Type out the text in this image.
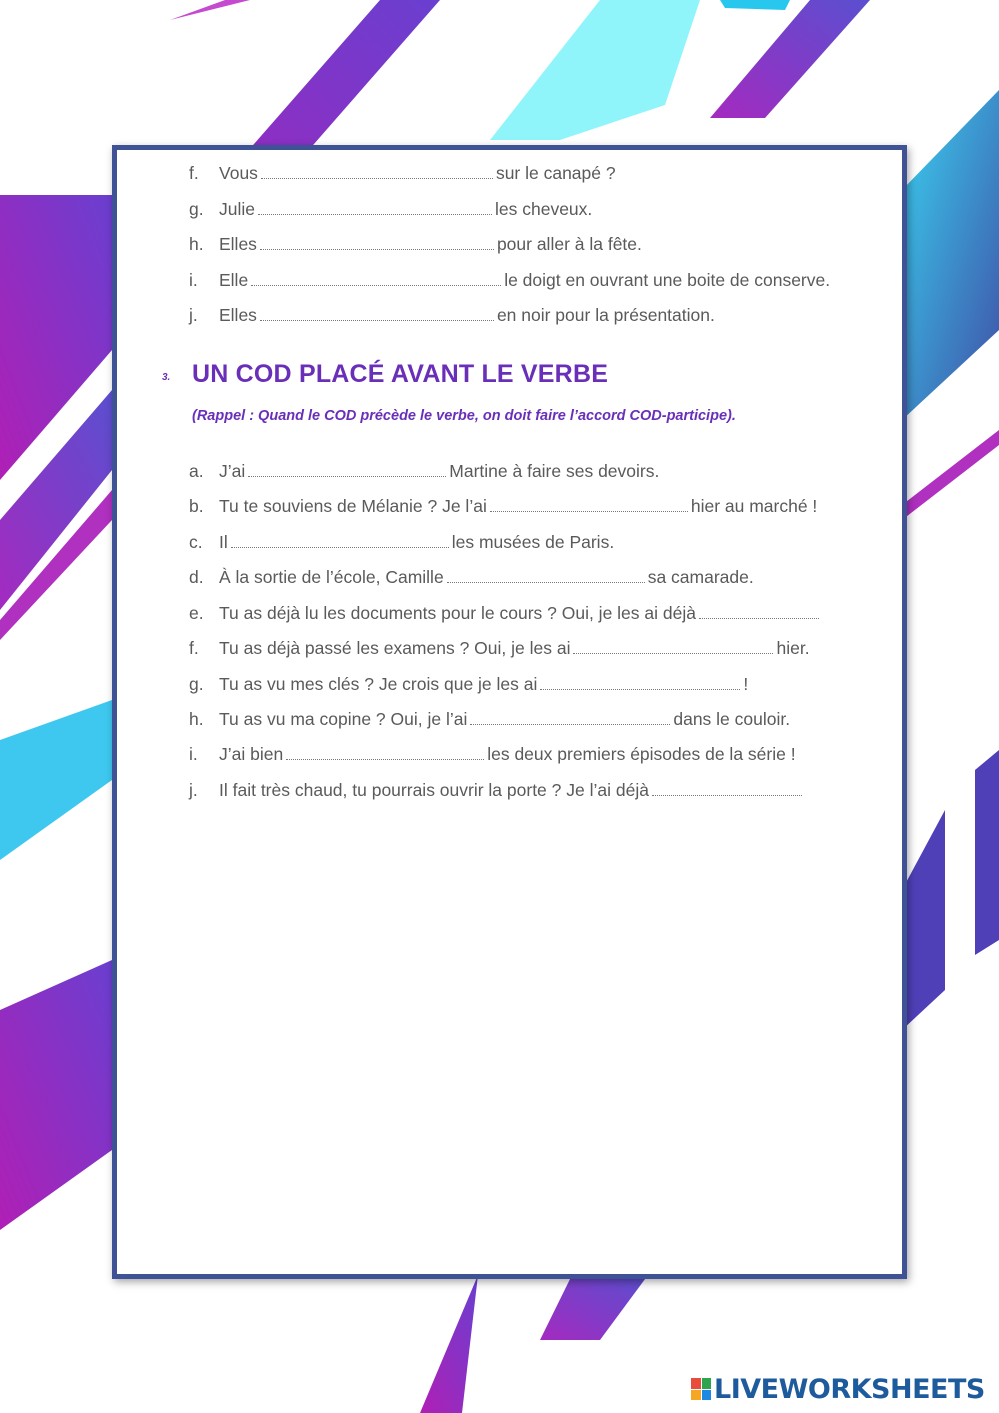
f. Vous	sur le canapé ?
g. Julie	les cheveux.
h. Elles	pour aller à la fête.
i. Elle	le doigt en ouvrant une boite de conserve.
j. Elles	en noir pour la présentation.
3. UN COD PLACÉ AVANT LE VERBE
(Rappel : Quand le COD précède le verbe, on doit faire l’accord COD-participe).
a. J’ai	Martine à faire ses devoirs.
b. Tu te souviens de Mélanie ? Je l’ai	hier au marché !
c. Il	les musées de Paris.
d. À la sortie de l’école, Camille	sa camarade.
e. Tu as déjà lu les documents pour le cours ? Oui, je les ai déjà
f. Tu as déjà passé les examens ? Oui, je les ai	hier.
g. Tu as vu mes clés ? Je crois que je les ai	!
h. Tu as vu ma copine ? Oui, je l’ai	dans le couloir.
i. J’ai bien	les deux premiers épisodes de la série !
j. Il fait très chaud, tu pourrais ouvrir la porte ? Je l’ai déjà
LIVEWORKSHEETS
